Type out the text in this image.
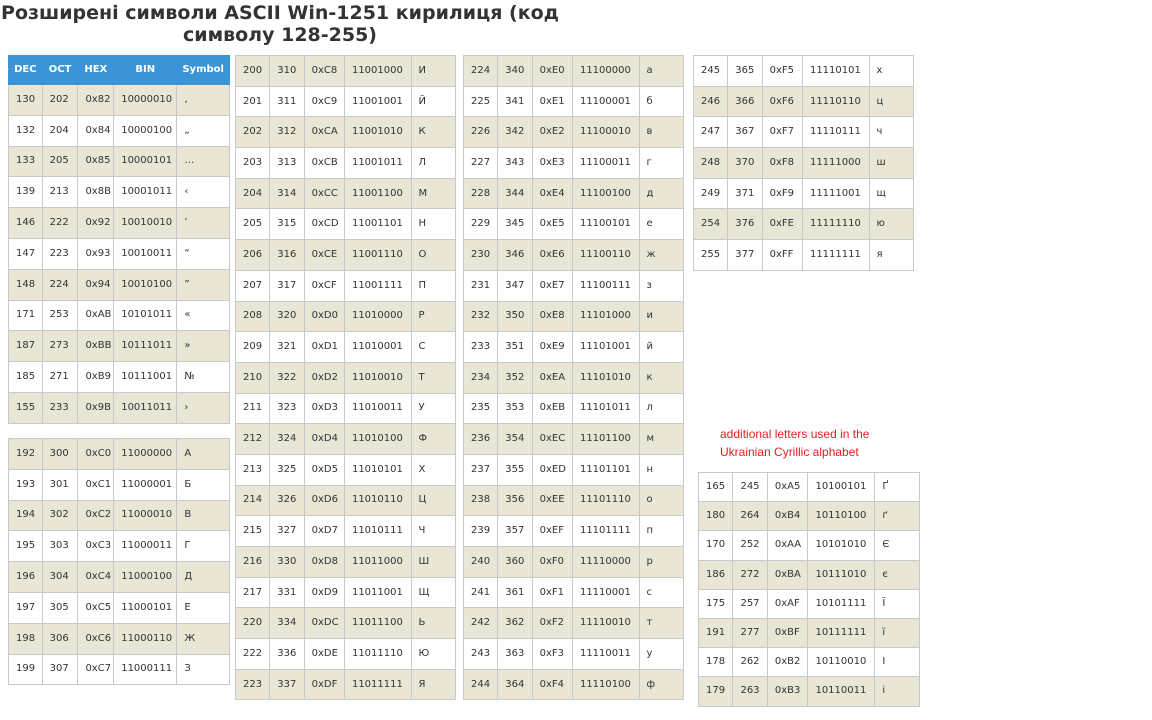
Розширені символи ASCII Win-1251 кирилиця (код символу 128-255)
DEC	OCT	HEX	BIN	Symbol
130	202	0x82	10000010	‚
132	204	0x84	10000100	„
133	205	0x85	10000101	…
139	213	0x8B	10001011	‹
146	222	0x92	10010010	’
147	223	0x93	10010011	“
148	224	0x94	10010100	”
171	253	0xAB	10101011	«
187	273	0xBB	10111011	»
185	271	0xB9	10111001	№
155	233	0x9B	10011011	›
192	300	0xC0	11000000	А
193	301	0xC1	11000001	Б
194	302	0xC2	11000010	В
195	303	0xC3	11000011	Г
196	304	0xC4	11000100	Д
197	305	0xC5	11000101	Е
198	306	0xC6	11000110	Ж
199	307	0xC7	11000111	З
200	310	0xC8	11001000	И
201	311	0xC9	11001001	Й
202	312	0xCA	11001010	К
203	313	0xCB	11001011	Л
204	314	0xCC	11001100	М
205	315	0xCD	11001101	Н
206	316	0xCE	11001110	О
207	317	0xCF	11001111	П
208	320	0xD0	11010000	Р
209	321	0xD1	11010001	С
210	322	0xD2	11010010	Т
211	323	0xD3	11010011	У
212	324	0xD4	11010100	Ф
213	325	0xD5	11010101	Х
214	326	0xD6	11010110	Ц
215	327	0xD7	11010111	Ч
216	330	0xD8	11011000	Ш
217	331	0xD9	11011001	Щ
220	334	0xDC	11011100	Ь
222	336	0xDE	11011110	Ю
223	337	0xDF	11011111	Я
224	340	0xE0	11100000	а
225	341	0xE1	11100001	б
226	342	0xE2	11100010	в
227	343	0xE3	11100011	г
228	344	0xE4	11100100	д
229	345	0xE5	11100101	е
230	346	0xE6	11100110	ж
231	347	0xE7	11100111	з
232	350	0xE8	11101000	и
233	351	0xE9	11101001	й
234	352	0xEA	11101010	к
235	353	0xEB	11101011	л
236	354	0xEC	11101100	м
237	355	0xED	11101101	н
238	356	0xEE	11101110	о
239	357	0xEF	11101111	п
240	360	0xF0	11110000	р
241	361	0xF1	11110001	с
242	362	0xF2	11110010	т
243	363	0xF3	11110011	у
244	364	0xF4	11110100	ф
245	365	0xF5	11110101	х
246	366	0xF6	11110110	ц
247	367	0xF7	11110111	ч
248	370	0xF8	11111000	ш
249	371	0xF9	11111001	щ
254	376	0xFE	11111110	ю
255	377	0xFF	11111111	я
165	245	0xA5	10100101	Ґ
180	264	0xB4	10110100	ґ
170	252	0xAA	10101010	Є
186	272	0xBA	10111010	є
175	257	0xAF	10101111	Ї
191	277	0xBF	10111111	ї
178	262	0xB2	10110010	І
179	263	0xB3	10110011	і
additional letters used in the Ukrainian Cyrillic alphabet
